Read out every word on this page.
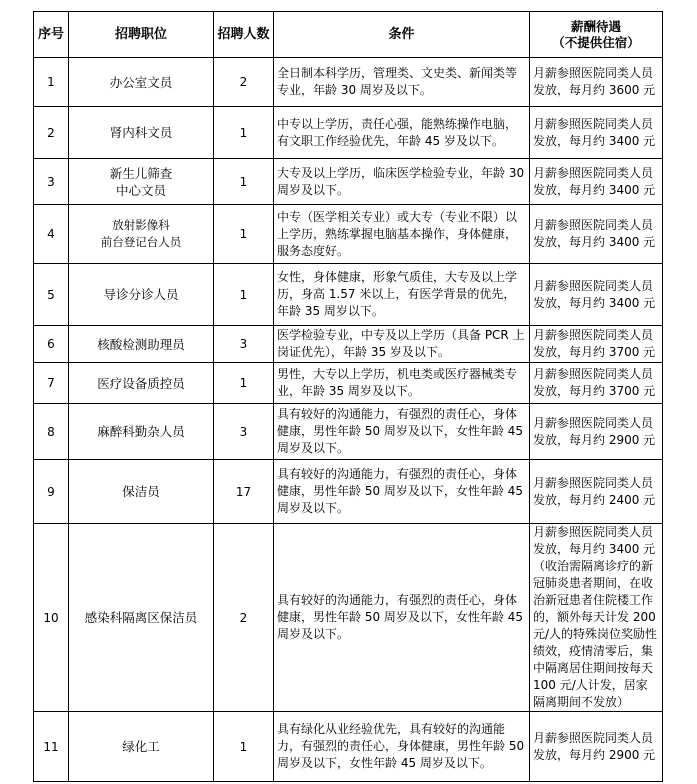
序号	招聘职位	招聘人数	条件	薪酬待遇
（不提供住宿）

1	办公室文员	2	全日制本科学历，管理类、文史类、新闻类等专业，年龄 30 周岁及以下。	月薪参照医院同类人员发放，每月约 3600 元
2	肾内科文员	1	中专以上学历，责任心强，能熟练操作电脑，有文职工作经验优先，年龄 45 岁及以下。	月薪参照医院同类人员发放，每月约 3400 元
3	新生儿筛查
中心文员	1	大专及以上学历，临床医学检验专业，年龄 30 周岁及以下。	月薪参照医院同类人员发放，每月约 3400 元
4	放射影像科
前台登记台人员	1	中专（医学相关专业）或大专（专业不限）以上学历，熟练掌握电脑基本操作，身体健康，服务态度好。	月薪参照医院同类人员发放，每月约 3400 元
5	导诊分诊人员	1	女性，身体健康，形象气质佳，大专及以上学历，身高 1.57 米以上，有医学背景的优先，年龄 35 周岁以下。	月薪参照医院同类人员发放，每月约 3400 元
6	核酸检测助理员	3	医学检验专业，中专及以上学历（具备 PCR 上岗证优先），年龄 35 岁及以下。	月薪参照医院同类人员发放，每月约 3700 元
7	医疗设备质控员	1	男性，大专以上学历，机电类或医疗器械类专业，年龄 35 周岁及以下。	月薪参照医院同类人员发放，每月约 3700 元
8	麻醉科勤杂人员	3	具有较好的沟通能力，有强烈的责任心，身体健康，男性年龄 50 周岁及以下，女性年龄 45 周岁及以下。	月薪参照医院同类人员发放，每月约 2900 元
9	保洁员	17	具有较好的沟通能力，有强烈的责任心，身体健康，男性年龄 50 周岁及以下，女性年龄 45 周岁及以下。	月薪参照医院同类人员发放，每月约 2400 元
10	感染科隔离区保洁员	2	具有较好的沟通能力，有强烈的责任心，身体健康，男性年龄 50 周岁及以下，女性年龄 45 周岁及以下。	月薪参照医院同类人员发放，每月约 3400 元（收治需隔离诊疗的新冠肺炎患者期间，在收治新冠患者住院楼工作的，额外每天计发 200 元/人的特殊岗位奖励性绩效，疫情清零后，集中隔离居住期间按每天 100 元/人计发，居家隔离期间不发放）
11	绿化工	1	具有绿化从业经验优先，具有较好的沟通能力，有强烈的责任心，身体健康，男性年龄 50 周岁及以下，女性年龄 45 周岁及以下。	月薪参照医院同类人员发放，每月约 2900 元
